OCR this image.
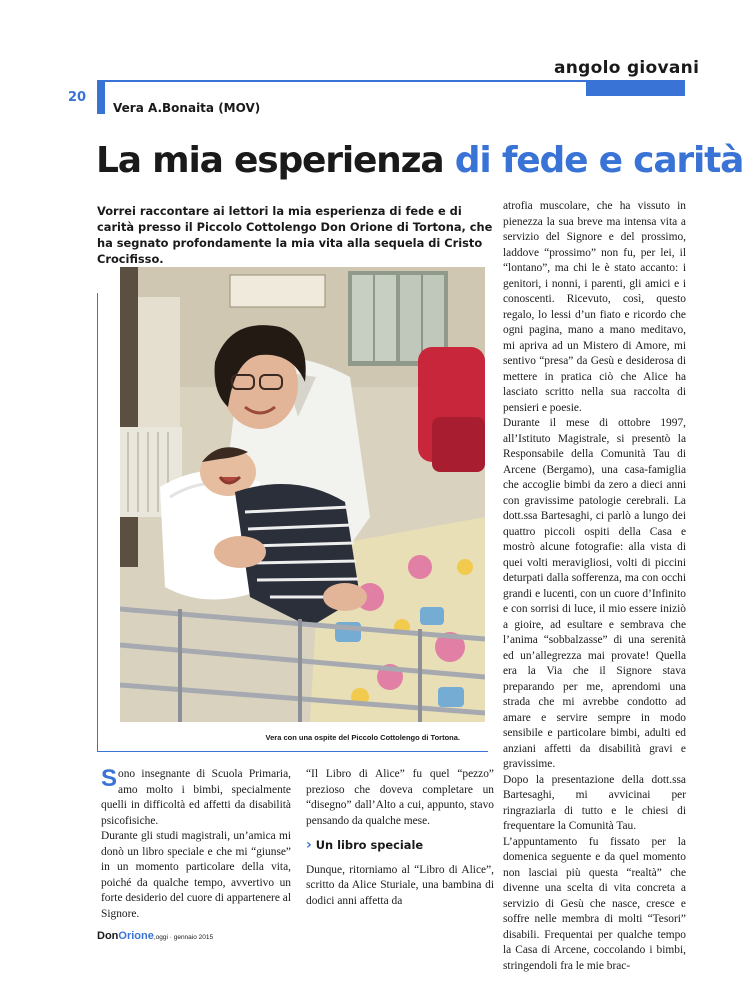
angolo giovani
20
Vera A.Bonaita (MOV)
La mia esperienza di fede e carità
Vorrei raccontare ai lettori la mia esperienza di fede e di carità presso il Piccolo Cottolengo Don Orione di Tortona, che ha segnato profondamente la mia vita alla sequela di Cristo Crocifisso.
Vera con una ospite del Piccolo Cottolengo di Tortona.

Sono insegnante di Scuola Primaria, amo molto i bimbi, specialmente quelli in difficoltà ed affetti da disabilità psicofisiche.

Durante gli studi magistrali, un’amica mi donò un libro speciale e che mi “giunse” in un momento particolare della vita, poiché da qualche tempo, avvertivo un forte desiderio del cuore di appartenere al Signore.

“Il Libro di Alice” fu quel “pezzo” prezioso che doveva completare un “disegno” dall’Alto a cui, appunto, stavo pensando da qualche mese.

› Un libro speciale

Dunque, ritorniamo al “Libro di Alice”, scritto da Alice Sturiale, una bambina di dodici anni affetta da

atrofia muscolare, che ha vissuto in pienezza la sua breve ma intensa vita a servizio del Signore e del prossimo, laddove “prossimo” non fu, per lei, il “lontano”, ma chi le è stato accanto: i genitori, i nonni, i parenti, gli amici e i conoscenti. Ricevuto, così, questo regalo, lo lessi d’un fiato e ricordo che ogni pagina, mano a mano meditavo, mi apriva ad un Mistero di Amore, mi sentivo “presa” da Gesù e desiderosa di mettere in pratica ciò che Alice ha lasciato scritto nella sua raccolta di pensieri e poesie.

Durante il mese di ottobre 1997, all’Istituto Magistrale, si presentò la Responsabile della Comunità Tau di Arcene (Bergamo), una casa-famiglia che accoglie bimbi da zero a dieci anni con gravissime patologie cerebrali. La dott.ssa Bartesaghi, ci parlò a lungo dei quattro piccoli ospiti della Casa e mostrò alcune fotografie: alla vista di quei volti meravigliosi, volti di piccini deturpati dalla sofferenza, ma con occhi grandi e lucenti, con un cuore d’Infinito e con sorrisi di luce, il mio essere iniziò a gioire, ad esultare e sembrava che l’anima “sobbalzasse” di una serenità ed un’allegrezza mai provate! Quella era la Via che il Signore stava preparando per me, aprendomi una strada che mi avrebbe condotto ad amare e servire sempre in modo sensibile e particolare bimbi, adulti ed anziani affetti da disabilità gravi e gravissime.

Dopo la presentazione della dott.ssa Bartesaghi, mi avvicinai per ringraziarla di tutto e le chiesi di frequentare la Comunità Tau.

L’appuntamento fu fissato per la domenica seguente e da quel momento non lasciai più questa “realtà” che divenne una scelta di vita concreta a servizio di Gesù che nasce, cresce e soffre nelle membra di molti “Tesori” disabili. Frequentai per qualche tempo la Casa di Arcene, coccolando i bimbi, stringendoli fra le mie brac-

DonOrione,oggi · gennaio 2015
